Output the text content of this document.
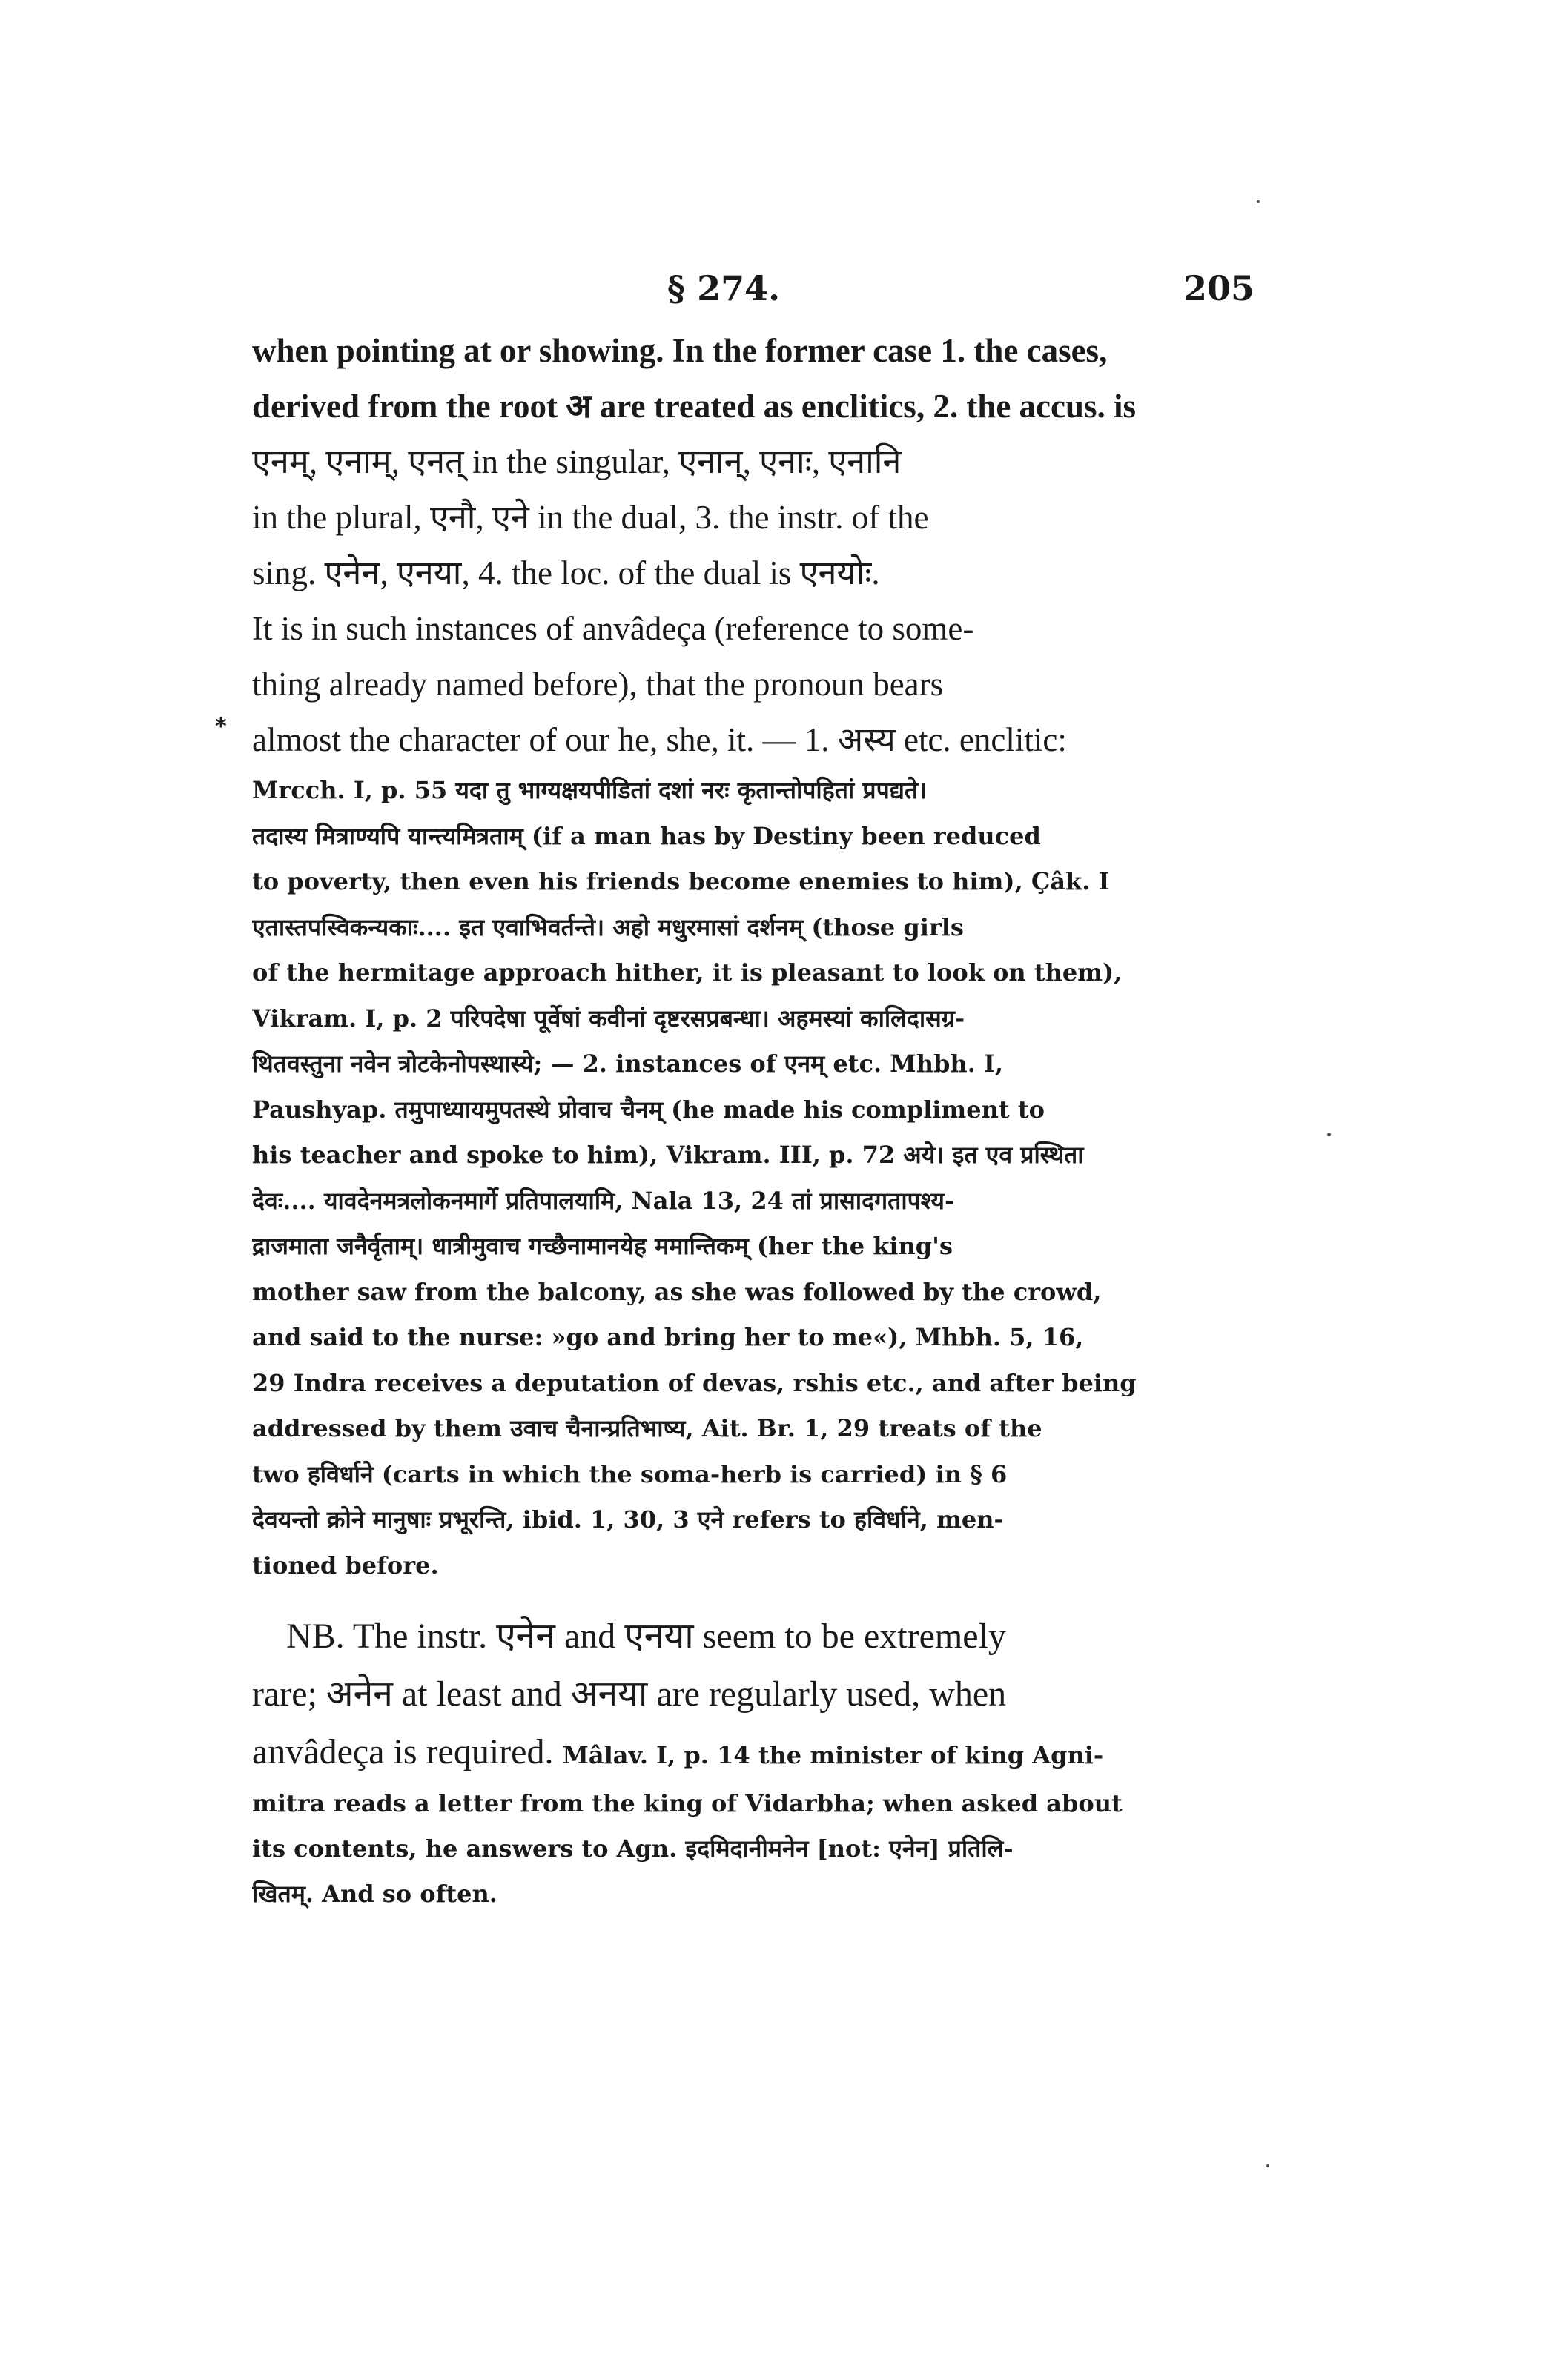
§ 274.	205
*
when pointing at or showing. In the former case 1. the cases,
derived from the root अ are treated as enclitics, 2. the accus. is
एनम्, एनाम्, एनत् in the singular, एनान्, एनाः, एनानि
in the plural, एनौ, एने in the dual, 3. the instr. of the
sing. एनेन, एनया, 4. the loc. of the dual is एनयोः.
It is in such instances of anvâdeça (reference to some-
thing already named before), that the pronoun bears
almost the character of our he, she, it. — 1. अस्य etc. enclitic:
Mrcch. I, p. 55 यदा तु भाग्यक्षयपीडितां दशां नरः कृतान्तोपहितां प्रपद्यते।
तदास्य मित्राण्यपि यान्त्यमित्रताम् (if a man has by Destiny been reduced
to poverty, then even his friends become enemies to him), Çâk. I
एतास्तपस्विकन्यकाः.... इत एवाभिवर्तन्ते। अहो मधुरमासां दर्शनम् (those girls
of the hermitage approach hither, it is pleasant to look on them),
Vikram. I, p. 2 परिपदेषा पूर्वेषां कवीनां दृष्टरसप्रबन्धा। अहमस्यां कालिदासग्र-
थितवस्तुना नवेन त्रोटकेनोपस्थास्ये; — 2. instances of एनम् etc. Mhbh. I,
Paushyap. तमुपाध्यायमुपतस्थे प्रोवाच चैनम् (he made his compliment to
his teacher and spoke to him), Vikram. III, p. 72 अये। इत एव प्रस्थिता
देवः.... यावदेनमत्रलोकनमार्गे प्रतिपालयामि, Nala 13, 24 तां प्रासादगतापश्य-
द्राजमाता जनैर्वृताम्। धात्रीमुवाच गच्छैनामानयेह ममान्तिकम् (her the king's
mother saw from the balcony, as she was followed by the crowd,
and said to the nurse: »go and bring her to me«), Mhbh. 5, 16,
29 Indra receives a deputation of devas, rshis etc., and after being
addressed by them उवाच चैनान्प्रतिभाष्य, Ait. Br. 1, 29 treats of the
two हविर्धाने (carts in which the soma-herb is carried) in § 6
देवयन्तो क्रोने मानुषाः प्रभूरन्ति, ibid. 1, 30, 3 एने refers to हविर्धाने, men-
tioned before.
NB. The instr. एनेन and एनया seem to be extremely
rare; अनेन at least and अनया are regularly used, when
anvâdeça is required. Mâlav. I, p. 14 the minister of king Agni-
mitra reads a letter from the king of Vidarbha; when asked about
its contents, he answers to Agn. इदमिदानीमनेन [not: एनेन] प्रतिलि-
खितम्. And so often.
